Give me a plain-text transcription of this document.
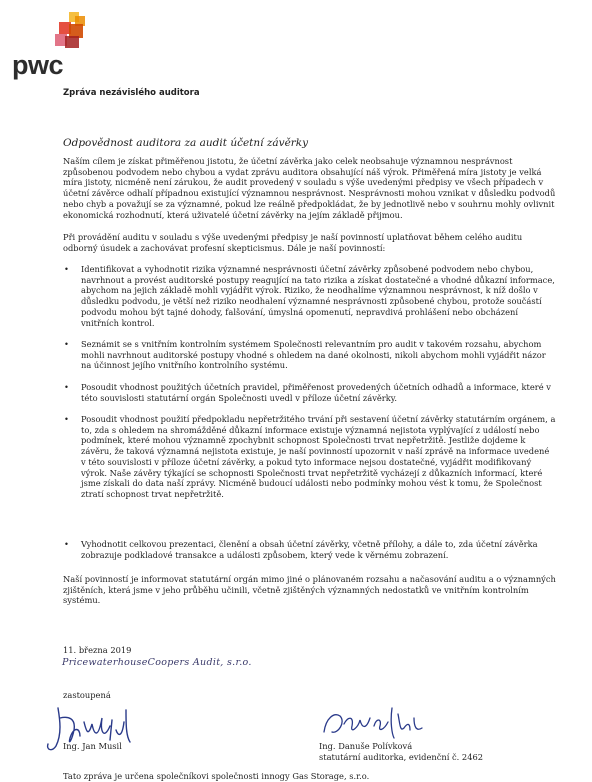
pwc
Zpráva nezávislého auditora
Odpovědnost auditora za audit účetní závěrky

Naším cílem je získat přiměřenou jistotu, že účetní závěrka jako celek neobsahuje významnou nesprávnost způsobenou podvodem nebo chybou a vydat zprávu auditora obsahující náš výrok. Přiměřená míra jistoty je velká míra jistoty, nicméně není zárukou, že audit provedený v souladu s výše uvedenými předpisy ve všech případech v účetní závěrce odhalí případnou existující významnou nesprávnost. Nesprávnosti mohou vznikat v důsledku podvodů nebo chyb a považují se za významné, pokud lze reálně předpokládat, že by jednotlivě nebo v souhrnu mohly ovlivnit ekonomická rozhodnutí, která uživatelé účetní závěrky na jejím základě přijmou.

Při provádění auditu v souladu s výše uvedenými předpisy je naší povinností uplatňovat během celého auditu odborný úsudek a zachovávat profesní skepticismus. Dále je naší povinností:

• Identifikovat a vyhodnotit rizika významné nesprávnosti účetní závěrky způsobené podvodem nebo chybou, navrhnout a provést auditorské postupy reagující na tato rizika a získat dostatečné a vhodné důkazní informace, abychom na jejich základě mohli vyjádřit výrok. Riziko, že neodhalíme významnou nesprávnost, k níž došlo v důsledku podvodu, je větší než riziko neodhalení významné nesprávnosti způsobené chybou, protože součástí podvodu mohou být tajné dohody, falšování, úmyslná opomenutí, nepravdivá prohlášení nebo obcházení vnitřních kontrol.
• Seznámit se s vnitřním kontrolním systémem Společnosti relevantním pro audit v takovém rozsahu, abychom mohli navrhnout auditorské postupy vhodné s ohledem na dané okolnosti, nikoli abychom mohli vyjádřit názor na účinnost jejího vnitřního kontrolního systému.
• Posoudit vhodnost použitých účetních pravidel, přiměřenost provedených účetních odhadů a informace, které v této souvislosti statutární orgán Společnosti uvedl v příloze účetní závěrky.
• Posoudit vhodnost použití předpokladu nepřetržitého trvání při sestavení účetní závěrky statutárním orgánem, a to, zda s ohledem na shromážděné důkazní informace existuje významná nejistota vyplývající z událostí nebo podmínek, které mohou významně zpochybnit schopnost Společnosti trvat nepřetržitě. Jestliže dojdeme k závěru, že taková významná nejistota existuje, je naší povinností upozornit v naší zprávě na informace uvedené v této souvislosti v příloze účetní závěrky, a pokud tyto informace nejsou dostatečné, vyjádřit modifikovaný výrok. Naše závěry týkající se schopnosti Společnosti trvat nepřetržitě vycházejí z důkazních informací, které jsme získali do data naší zprávy. Nicméně budoucí události nebo podmínky mohou vést k tomu, že Společnost ztratí schopnost trvat nepřetržitě.
• Vyhodnotit celkovou prezentaci, členění a obsah účetní závěrky, včetně přílohy, a dále to, zda účetní závěrka zobrazuje podkladové transakce a události způsobem, který vede k věrnému zobrazení.

Naší povinností je informovat statutární orgán mimo jiné o plánovaném rozsahu a načasování auditu a o významných zjištěních, která jsme v jeho průběhu učinili, včetně zjištěných významných nedostatků ve vnitřním kontrolním systému.

11. března 2019
PricewaterhouseCoopers Audit, s.r.o.
zastoupená
Ing. Jan Musil	Ing. Danuše Polívková
statutární auditorka, evidenční č. 2462
Tato zpráva je určena společníkovi společnosti innogy Gas Storage, s.r.o.
